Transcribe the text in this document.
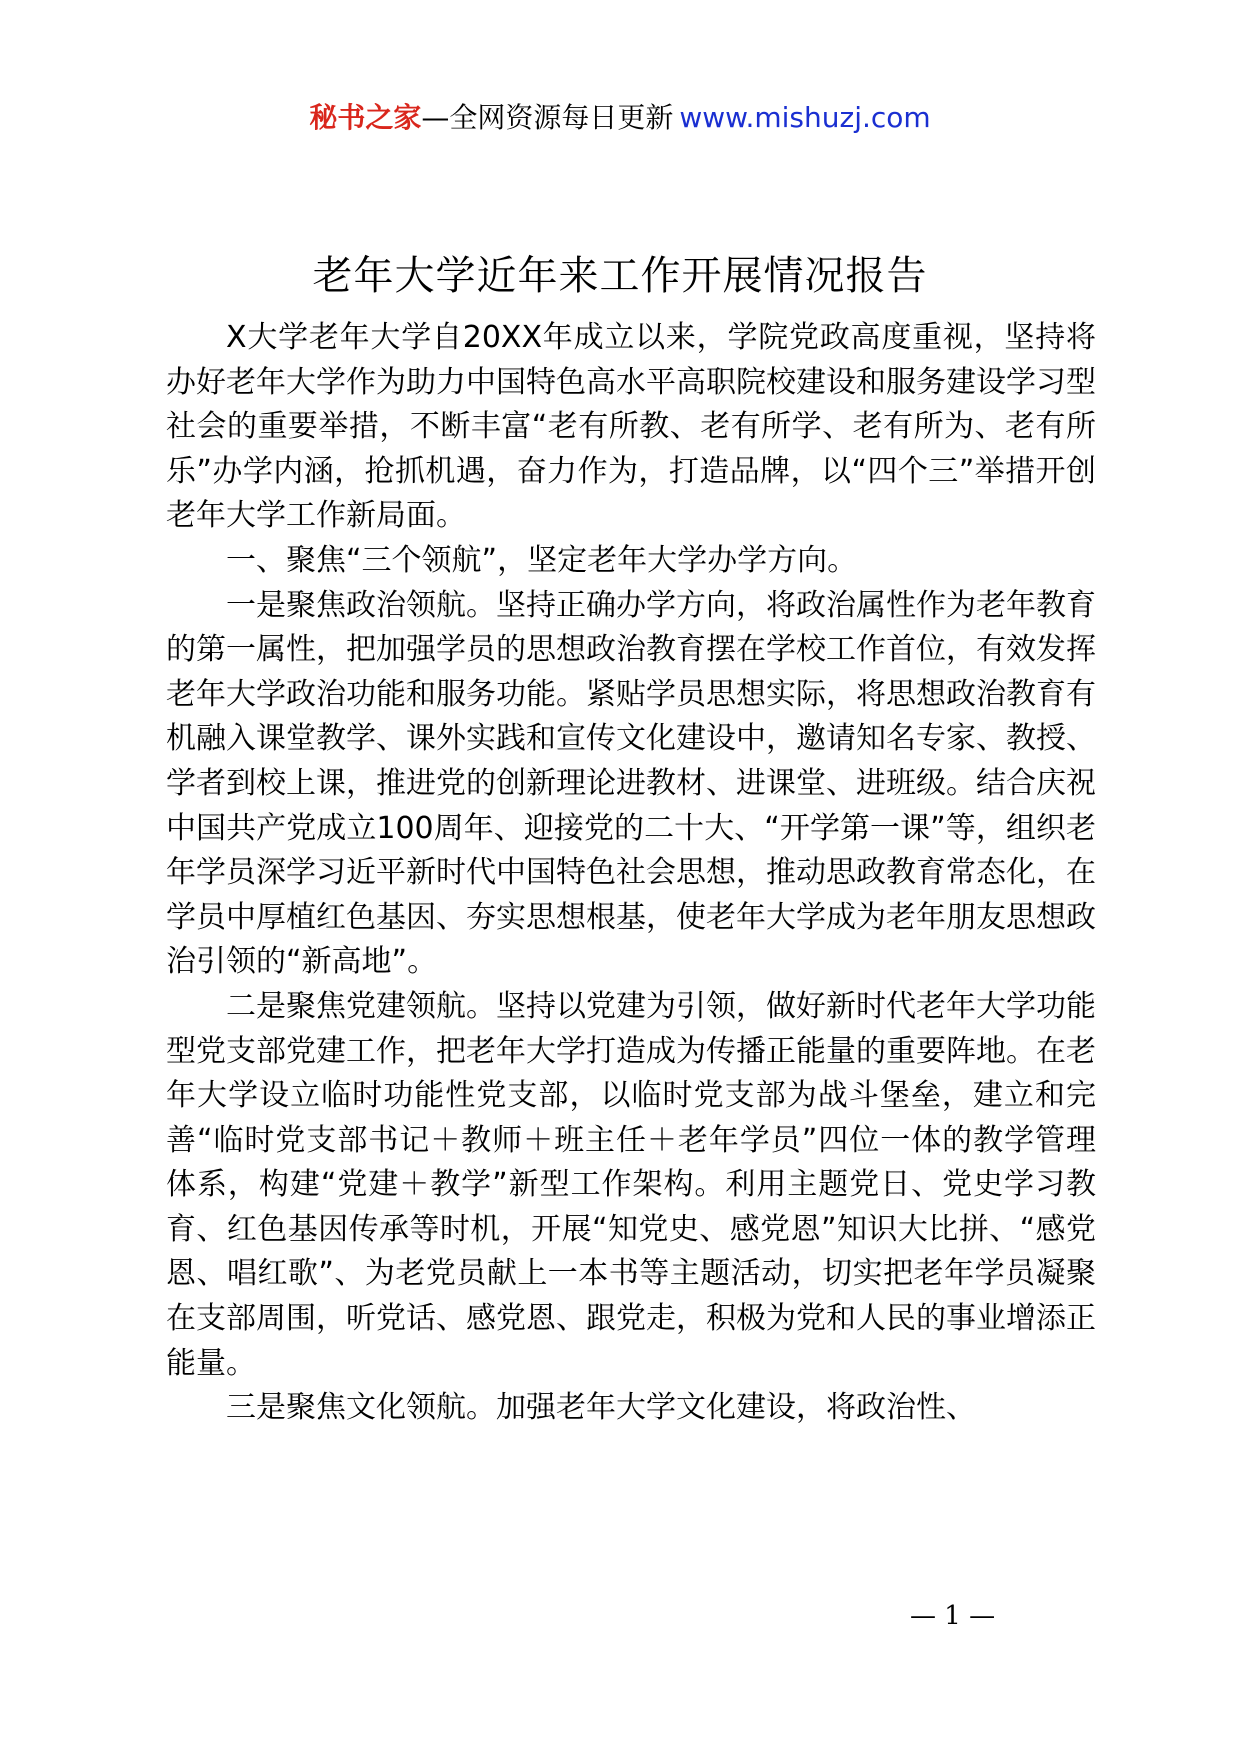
秘书之家—全网资源每日更新 www.mishuzj.com
老年大学近年来工作开展情况报告

X大学老年大学自20XX年成立以来，学院党政高度重视，坚持将办好老年大学作为助力中国特色高水平高职院校建设和服务建设学习型社会的重要举措，不断丰富“老有所教、老有所学、老有所为、老有所乐”办学内涵，抢抓机遇，奋力作为，打造品牌，以“四个三”举措开创老年大学工作新局面。

一、聚焦“三个领航”，坚定老年大学办学方向。

一是聚焦政治领航。坚持正确办学方向，将政治属性作为老年教育的第一属性，把加强学员的思想政治教育摆在学校工作首位，有效发挥老年大学政治功能和服务功能。紧贴学员思想实际，将思想政治教育有机融入课堂教学、课外实践和宣传文化建设中，邀请知名专家、教授、学者到校上课，推进党的创新理论进教材、进课堂、进班级。结合庆祝中国共产党成立100周年、迎接党的二十大、“开学第一课”等，组织老年学员深学习近平新时代中国特色社会思想，推动思政教育常态化，在学员中厚植红色基因、夯实思想根基，使老年大学成为老年朋友思想政治引领的“新高地”。

二是聚焦党建领航。坚持以党建为引领，做好新时代老年大学功能型党支部党建工作，把老年大学打造成为传播正能量的重要阵地。在老年大学设立临时功能性党支部，以临时党支部为战斗堡垒，建立和完善“临时党支部书记＋教师＋班主任＋老年学员”四位一体的教学管理体系，构建“党建＋教学”新型工作架构。利用主题党日、党史学习教育、红色基因传承等时机，开展“知党史、感党恩”知识大比拼、“感党恩、唱红歌”、为老党员献上一本书等主题活动，切实把老年学员凝聚在支部周围，听党话、感党恩、跟党走，积极为党和人民的事业增添正能量。

三是聚焦文化领航。加强老年大学文化建设，将政治性、

— 1 —
